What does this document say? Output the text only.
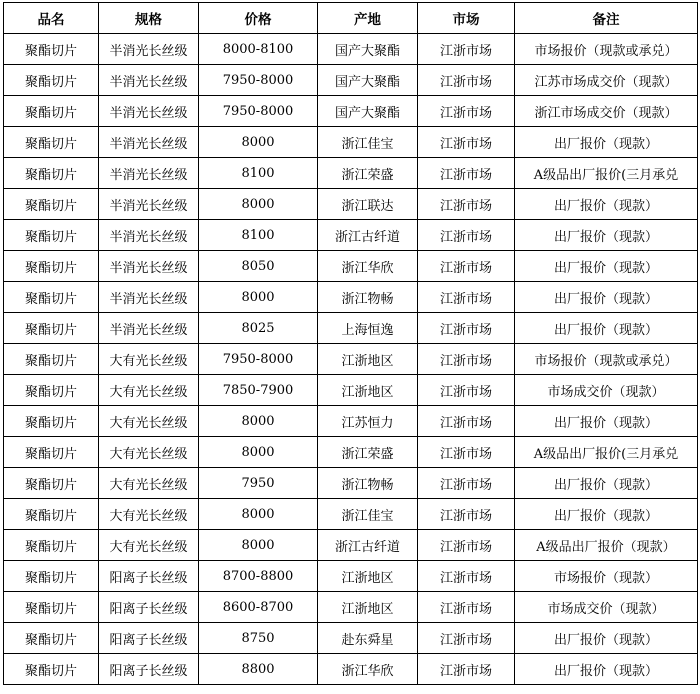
品名	规格	价格	产地	市场	备注
聚酯切片	半消光长丝级	8000-8100	国产大聚酯	江浙市场	市场报价（现款或承兑）
聚酯切片	半消光长丝级	7950-8000	国产大聚酯	江浙市场	江苏市场成交价（现款）
聚酯切片	半消光长丝级	7950-8000	国产大聚酯	江浙市场	浙江市场成交价（现款）
聚酯切片	半消光长丝级	8000	浙江佳宝	江浙市场	出厂报价（现款）
聚酯切片	半消光长丝级	8100	浙江荣盛	江浙市场	A级品出厂报价(三月承兑
聚酯切片	半消光长丝级	8000	浙江联达	江浙市场	出厂报价（现款）
聚酯切片	半消光长丝级	8100	浙江古纤道	江浙市场	出厂报价（现款）
聚酯切片	半消光长丝级	8050	浙江华欣	江浙市场	出厂报价（现款）
聚酯切片	半消光长丝级	8000	浙江物畅	江浙市场	出厂报价（现款）
聚酯切片	半消光长丝级	8025	上海恒逸	江浙市场	出厂报价（现款）
聚酯切片	大有光长丝级	7950-8000	江浙地区	江浙市场	市场报价（现款或承兑）
聚酯切片	大有光长丝级	7850-7900	江浙地区	江浙市场	市场成交价（现款）
聚酯切片	大有光长丝级	8000	江苏恒力	江浙市场	出厂报价（现款）
聚酯切片	大有光长丝级	8000	浙江荣盛	江浙市场	A级品出厂报价(三月承兑
聚酯切片	大有光长丝级	7950	浙江物畅	江浙市场	出厂报价（现款）
聚酯切片	大有光长丝级	8000	浙江佳宝	江浙市场	出厂报价（现款）
聚酯切片	大有光长丝级	8000	浙江古纤道	江浙市场	A级品出厂报价（现款）
聚酯切片	阳离子长丝级	8700-8800	江浙地区	江浙市场	市场报价（现款）
聚酯切片	阳离子长丝级	8600-8700	江浙地区	江浙市场	市场成交价（现款）
聚酯切片	阳离子长丝级	8750	赴东舜星	江浙市场	出厂报价（现款）
聚酯切片	阳离子长丝级	8800	浙江华欣	江浙市场	出厂报价（现款）
